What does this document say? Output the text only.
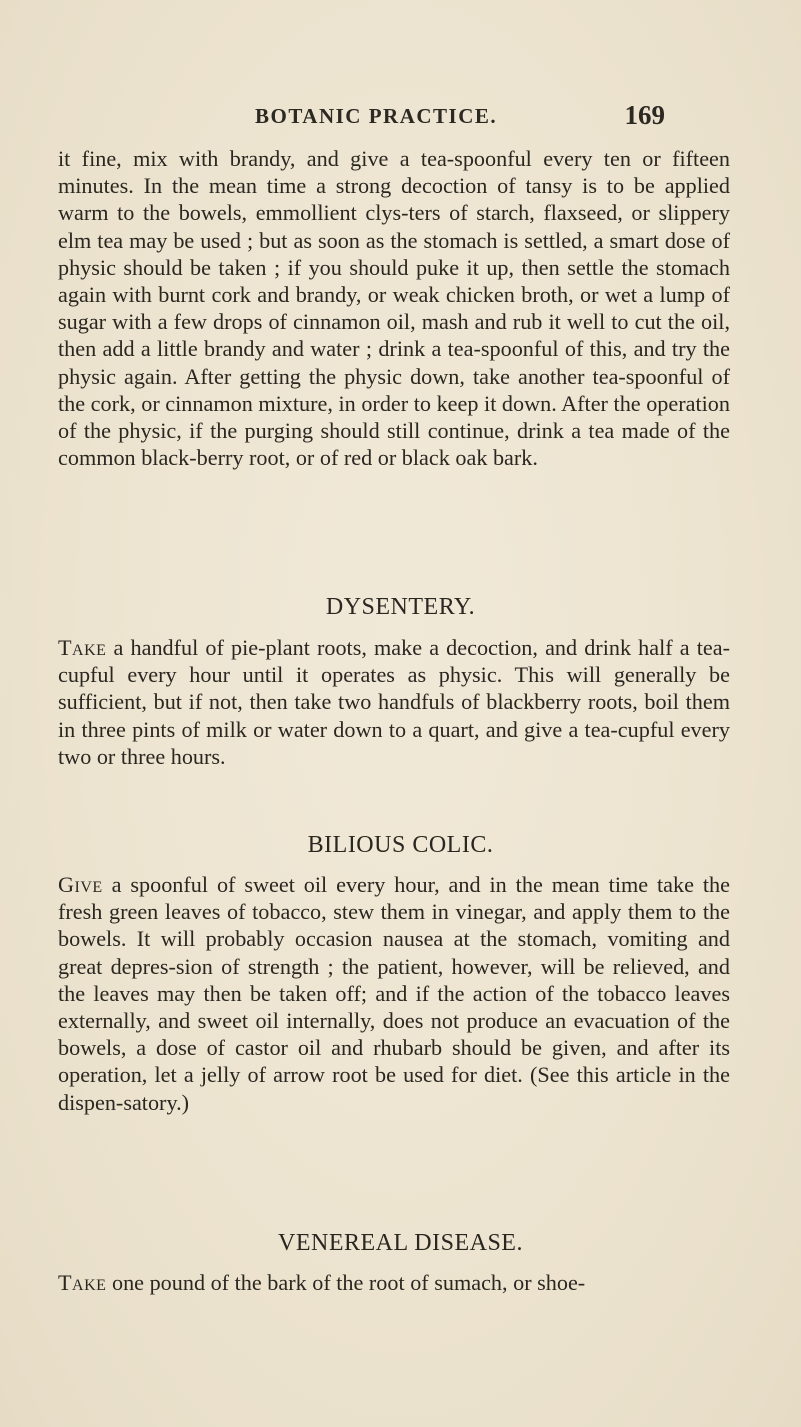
BOTANIC PRACTICE.	169

it fine, mix with brandy, and give a tea-spoonful every ten or fifteen minutes. In the mean time a strong decoction of tansy is to be applied warm to the bowels, emmollient clys-ters of starch, flaxseed, or slippery elm tea may be used ; but as soon as the stomach is settled, a smart dose of physic should be taken ; if you should puke it up, then settle the stomach again with burnt cork and brandy, or weak chicken broth, or wet a lump of sugar with a few drops of cinnamon oil, mash and rub it well to cut the oil, then add a little brandy and water ; drink a tea-spoonful of this, and try the physic again. After getting the physic down, take another tea-spoonful of the cork, or cinnamon mixture, in order to keep it down. After the operation of the physic, if the purging should still continue, drink a tea made of the common black-berry root, or of red or black oak bark.

DYSENTERY.

Take a handful of pie-plant roots, make a decoction, and drink half a tea-cupful every hour until it operates as physic. This will generally be sufficient, but if not, then take two handfuls of blackberry roots, boil them in three pints of milk or water down to a quart, and give a tea-cupful every two or three hours.

BILIOUS COLIC.

Give a spoonful of sweet oil every hour, and in the mean time take the fresh green leaves of tobacco, stew them in vinegar, and apply them to the bowels. It will probably occasion nausea at the stomach, vomiting and great depres-sion of strength ; the patient, however, will be relieved, and the leaves may then be taken off; and if the action of the tobacco leaves externally, and sweet oil internally, does not produce an evacuation of the bowels, a dose of castor oil and rhubarb should be given, and after its operation, let a jelly of arrow root be used for diet. (See this article in the dispen-satory.)

VENEREAL DISEASE.

Take one pound of the bark of the root of sumach, or shoe-
